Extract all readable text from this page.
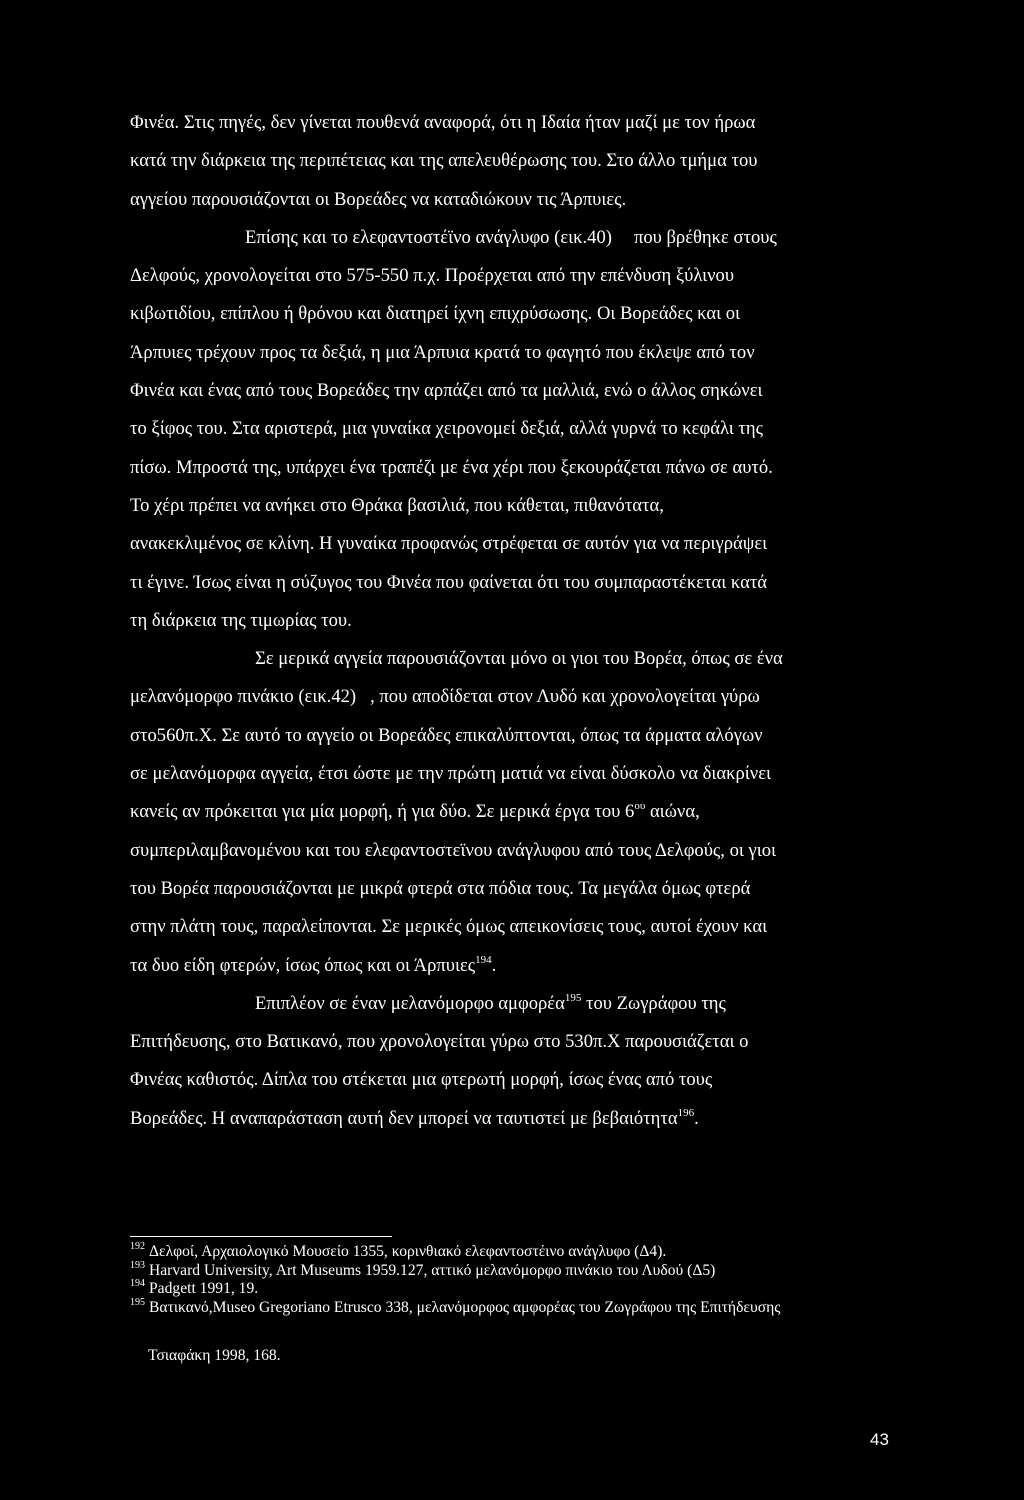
Φινέα. Στις πηγές, δεν γίνεται πουθενά αναφορά, ότι η Ιδαία ήταν μαζί με τον ήρωα
κατά την διάρκεια της περιπέτειας και της απελευθέρωσης του. Στο άλλο τμήμα του
αγγείου παρουσιάζονται οι Βορεάδες να καταδιώκουν τις Άρπυιες.
Επίσης και το ελεφαντοστέϊνο ανάγλυφο (εικ.40) που βρέθηκε στους
Δελφούς, χρονολογείται στο 575-550 π.χ. Προέρχεται από την επένδυση ξύλινου
κιβωτιδίου, επίπλου ή θρόνου και διατηρεί ίχνη επιχρύσωσης. Οι Βορεάδες και οι
Άρπυιες τρέχουν προς τα δεξιά, η μια Άρπυια κρατά το φαγητό που έκλεψε από τον
Φινέα και ένας από τους Βορεάδες την αρπάζει από τα μαλλιά, ενώ ο άλλος σηκώνει
το ξίφος του. Στα αριστερά, μια γυναίκα χειρονομεί δεξιά, αλλά γυρνά το κεφάλι της
πίσω. Μπροστά της, υπάρχει ένα τραπέζι με ένα χέρι που ξεκουράζεται πάνω σε αυτό.
Το χέρι πρέπει να ανήκει στο Θράκα βασιλιά, που κάθεται, πιθανότατα,
ανακεκλιμένος σε κλίνη. Η γυναίκα προφανώς στρέφεται σε αυτόν για να περιγράψει
τι έγινε. Ίσως είναι η σύζυγος του Φινέα που φαίνεται ότι του συμπαραστέκεται κατά
τη διάρκεια της τιμωρίας του.
Σε μερικά αγγεία παρουσιάζονται μόνο οι γιοι του Βορέα, όπως σε ένα
μελανόμορφο πινάκιο (εικ.42) , που αποδίδεται στον Λυδό και χρονολογείται γύρω
στο560π.Χ. Σε αυτό το αγγείο οι Βορεάδες επικαλύπτονται, όπως τα άρματα αλόγων
σε μελανόμορφα αγγεία, έτσι ώστε με την πρώτη ματιά να είναι δύσκολο να διακρίνει
κανείς αν πρόκειται για μία μορφή, ή για δύο. Σε μερικά έργα του $6^{o\upsilon}$ αιώνα,
συμπεριλαμβανομένου και του ελεφαντοστεϊνου ανάγλυφου από τους Δελφούς, οι γιοι
του Βορέα παρουσιάζονται με μικρά φτερά στα πόδια τους. Τα μεγάλα όμως φτερά
στην πλάτη τους, παραλείπονται. Σε μερικές όμως απεικονίσεις τους, αυτοί έχουν και
τα δυο είδη φτερών, ίσως όπως και οι Άρπυιες$^{194}$.
Επιπλέον σε έναν μελανόμορφο αμφορέα$^{195}$ του Ζωγράφου της
Επιτήδευσης, στο Βατικανό, που χρονολογείται γύρω στο 530π.Χ παρουσιάζεται ο
Φινέας καθιστός. Δίπλα του στέκεται μια φτερωτή μορφή, ίσως ένας από τους
Βορεάδες. Η αναπαράσταση αυτή δεν μπορεί να ταυτιστεί με βεβαιότητα$^{196}$.
$^{192}$ Δελφοί, Αρχαιολογικό Μουσείο 1355, κορινθιακό ελεφαντοστέινο ανάγλυφο (Δ4).
$^{193}$ Harvard University, Art Museums 1959.127, αττικό μελανόμορφο πινάκιο του Λυδού (Δ5)
$^{194}$ Padgett 1991, 19.
$^{195}$ Βατικανό,Museo Gregoriano Etrusco 338, μελανόμορφος αμφορέας του Ζωγράφου της Επιτήδευσης
Τσιαφάκη 1998, 168.
43
